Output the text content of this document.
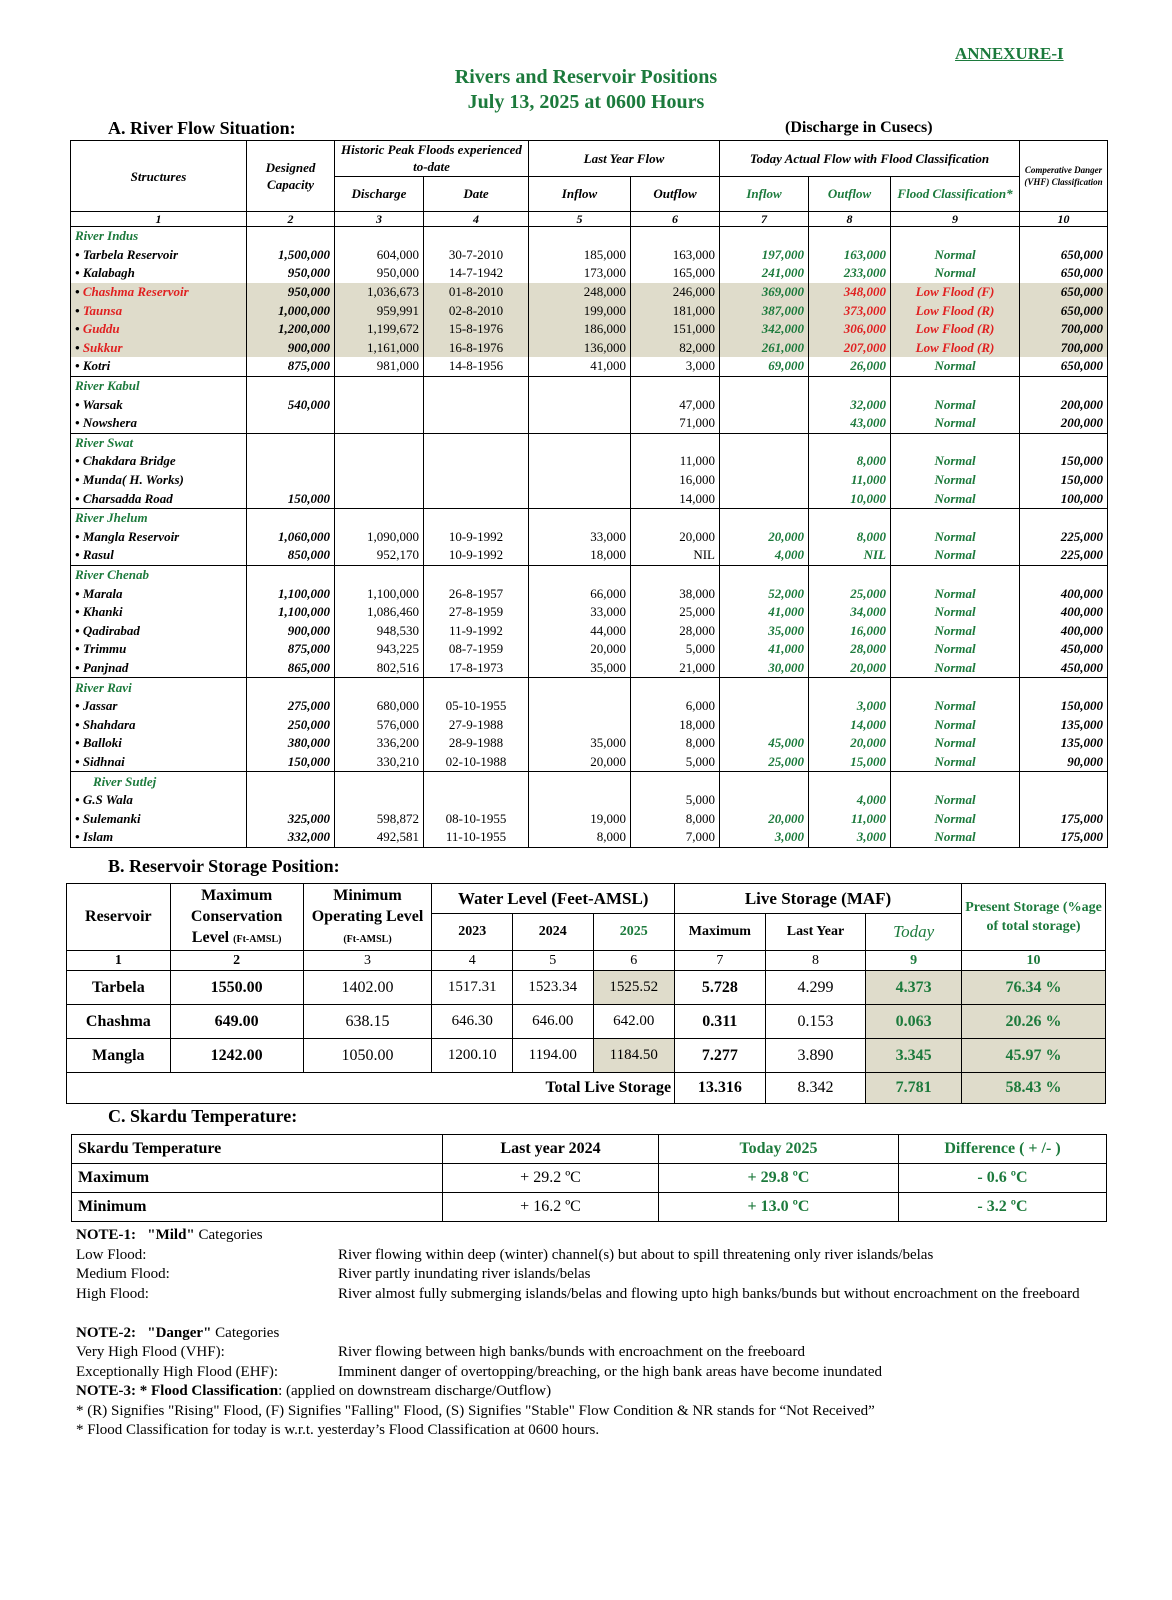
ANNEXURE-I
Rivers and Reservoir Positions
July 13, 2025 at 0600 Hours
A. River Flow Situation:	(Discharge in Cusecs)
Structures	Designed Capacity	Historic Peak Floods experienced to-date		Last Year Flow		Today Actual Flow with Flood Classification			Comperative Danger (VHF) Classification
		Discharge	Date	Inflow	Outflow	Inflow	Outflow	Flood Classification*	
1	2	3	4	5	6	7	8	9	10
River Indus									
• Tarbela Reservoir	1,500,000	604,000	30-7-2010	185,000	163,000	197,000	163,000	Normal	650,000
• Kalabagh	950,000	950,000	14-7-1942	173,000	165,000	241,000	233,000	Normal	650,000
• Chashma Reservoir	950,000	1,036,673	01-8-2010	248,000	246,000	369,000	348,000	Low Flood (F)	650,000
• Taunsa	1,000,000	959,991	02-8-2010	199,000	181,000	387,000	373,000	Low Flood (R)	650,000
• Guddu	1,200,000	1,199,672	15-8-1976	186,000	151,000	342,000	306,000	Low Flood (R)	700,000
• Sukkur	900,000	1,161,000	16-8-1976	136,000	82,000	261,000	207,000	Low Flood (R)	700,000
• Kotri	875,000	981,000	14-8-1956	41,000	3,000	69,000	26,000	Normal	650,000
River Kabul									
• Warsak	540,000				47,000		32,000	Normal	200,000
• Nowshera					71,000		43,000	Normal	200,000
River Swat									
• Chakdara Bridge					11,000		8,000	Normal	150,000
• Munda( H. Works)					16,000		11,000	Normal	150,000
• Charsadda Road	150,000				14,000		10,000	Normal	100,000
River Jhelum									
• Mangla Reservoir	1,060,000	1,090,000	10-9-1992	33,000	20,000	20,000	8,000	Normal	225,000
• Rasul	850,000	952,170	10-9-1992	18,000	NIL	4,000	NIL	Normal	225,000
River Chenab									
• Marala	1,100,000	1,100,000	26-8-1957	66,000	38,000	52,000	25,000	Normal	400,000
• Khanki	1,100,000	1,086,460	27-8-1959	33,000	25,000	41,000	34,000	Normal	400,000
• Qadirabad	900,000	948,530	11-9-1992	44,000	28,000	35,000	16,000	Normal	400,000
• Trimmu	875,000	943,225	08-7-1959	20,000	5,000	41,000	28,000	Normal	450,000
• Panjnad	865,000	802,516	17-8-1973	35,000	21,000	30,000	20,000	Normal	450,000
River Ravi									
• Jassar	275,000	680,000	05-10-1955		6,000		3,000	Normal	150,000
• Shahdara	250,000	576,000	27-9-1988		18,000		14,000	Normal	135,000
• Balloki	380,000	336,200	28-9-1988	35,000	8,000	45,000	20,000	Normal	135,000
• Sidhnai	150,000	330,210	02-10-1988	20,000	5,000	25,000	15,000	Normal	90,000
River Sutlej									
• G.S Wala					5,000		4,000	Normal	
• Sulemanki	325,000	598,872	08-10-1955	19,000	8,000	20,000	11,000	Normal	175,000
• Islam	332,000	492,581	11-10-1955	8,000	7,000	3,000	3,000	Normal	175,000
B. Reservoir Storage Position:
Reservoir	Maximum Conservation Level (Ft-AMSL)	Minimum Operating Level (Ft-AMSL)	Water Level (Feet-AMSL)			Live Storage (MAF)			Present Storage (%age of total storage)
			2023	2024	2025	Maximum	Last Year	Today	
1	2	3	4	5	6	7	8	9	10
Tarbela	1550.00	1402.00	1517.31	1523.34	1525.52	5.728	4.299	4.373	76.34 %
Chashma	649.00	638.15	646.30	646.00	642.00	0.311	0.153	0.063	20.26 %
Mangla	1242.00	1050.00	1200.10	1194.00	1184.50	7.277	3.890	3.345	45.97 %
Total Live Storage						13.316	8.342	7.781	58.43 %
C. Skardu Temperature:
Skardu Temperature	Last year 2024	Today 2025	Difference ( + /- )
Maximum	+ 29.2 ºC	+ 29.8 ºC	- 0.6 ºC
Minimum	+ 16.2 ºC	+ 13.0 ºC	- 3.2 ºC
NOTE-1: "Mild" Categories
Low Flood:	River flowing within deep (winter) channel(s) but about to spill threatening only river islands/belas
Medium Flood:	River partly inundating river islands/belas
High Flood:	River almost fully submerging islands/belas and flowing upto high banks/bunds but without encroachment on the freeboard
NOTE-2: "Danger" Categories
Very High Flood (VHF):	River flowing between high banks/bunds with encroachment on the freeboard
Exceptionally High Flood (EHF):	Imminent danger of overtopping/breaching, or the high bank areas have become inundated
NOTE-3: * Flood Classification: (applied on downstream discharge/Outflow)
* (R) Signifies "Rising" Flood, (F) Signifies "Falling" Flood, (S) Signifies "Stable" Flow Condition & NR stands for “Not Received”
* Flood Classification for today is w.r.t. yesterday’s Flood Classification at 0600 hours.
